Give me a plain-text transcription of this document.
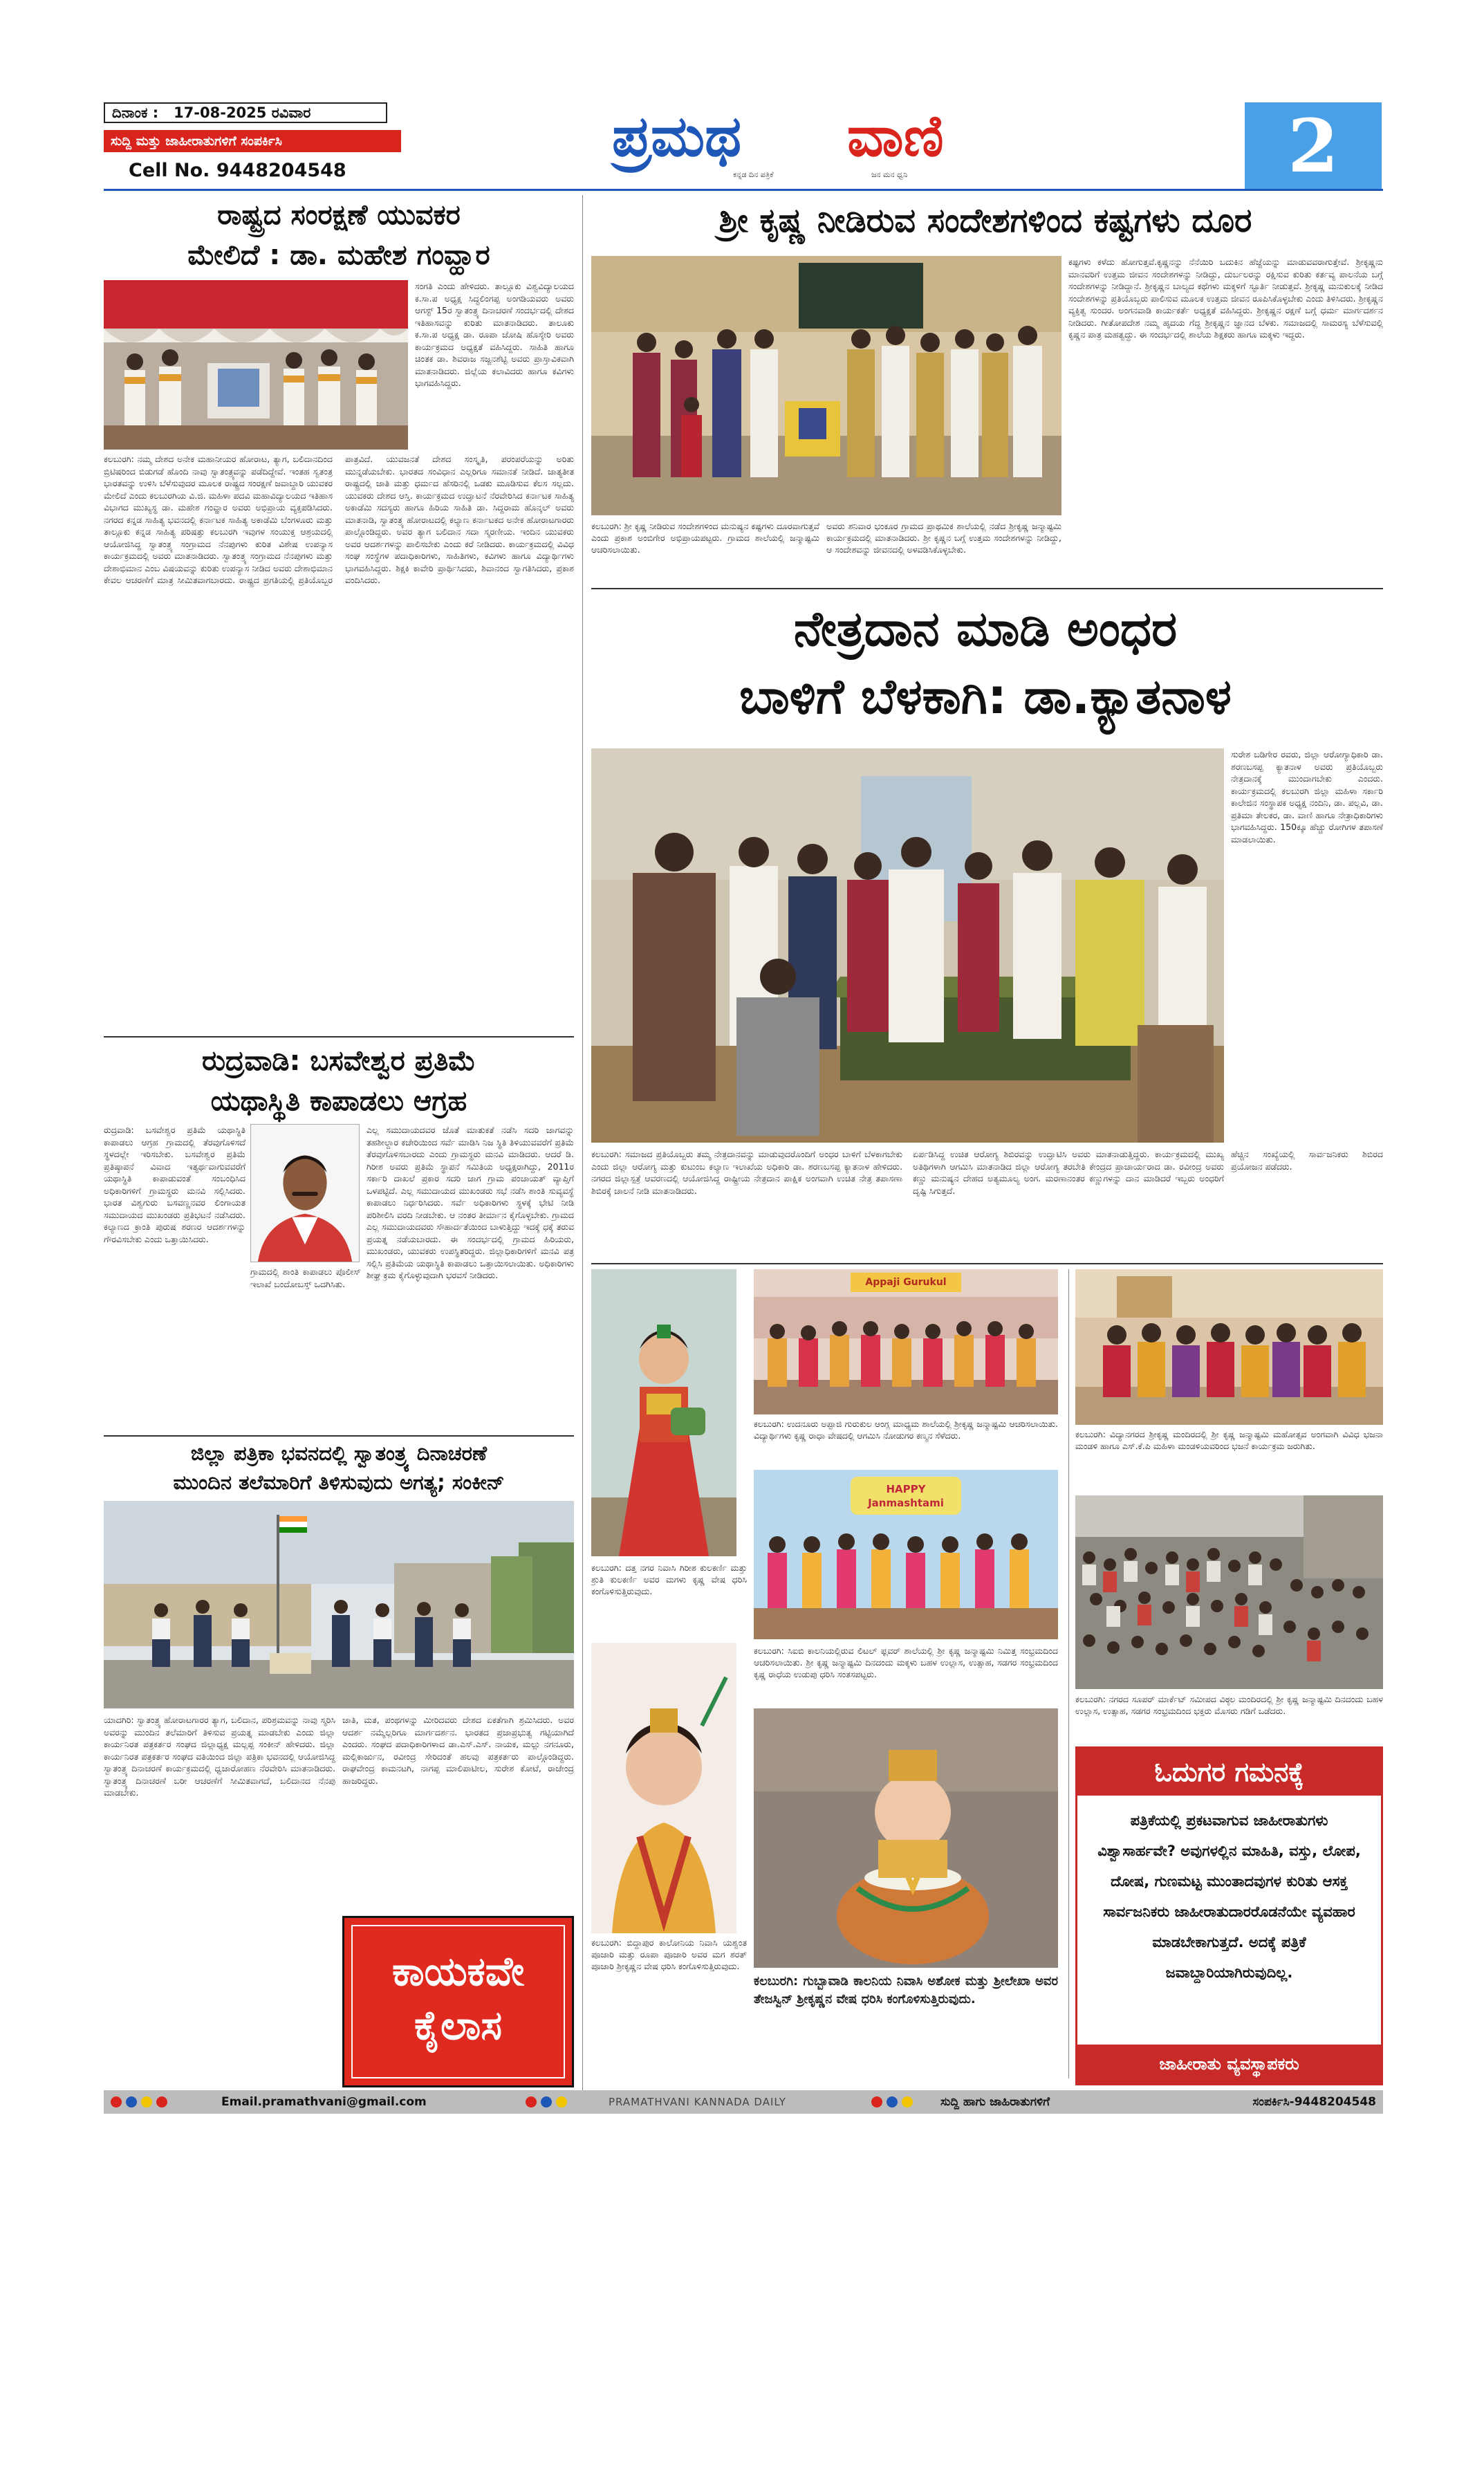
ದಿನಾಂಕ : 17-08-2025 ರವಿವಾರ
ಸುದ್ದಿ ಮತ್ತು ಜಾಹೀರಾತುಗಳಿಗೆ ಸಂಪರ್ಕಿಸಿ
Cell No. 9448204548
ಪ್ರಮಥ ವಾಣಿ
ಕನ್ನಡ ದಿನ ಪತ್ರಿಕೆ	ಜನ ಮನ ಧ್ವನಿ	2
ರಾಷ್ಟ್ರದ ಸಂರಕ್ಷಣೆ ಯುವಕರ
ಮೇಲಿದೆ : ಡಾ. ಮಹೇಶ ಗಂವ್ಹಾರ
ಸಂಗತಿ ಎಂದು ಹೇಳಿದರು. ತಾಲ್ಲೂಕು ವಿಶ್ವವಿದ್ಯಾಲಯದ ಕ.ಸಾ.ಪ ಅಧ್ಯಕ್ಷ ಸಿದ್ಧಲಿಂಗಪ್ಪ ಅಂಗಡಿಯವರು ಅವರು ಆಗಸ್ಟ್ 15ರ ಸ್ವಾತಂತ್ರ್ಯ ದಿನಾಚರಣೆ ಸಂದರ್ಭದಲ್ಲಿ ದೇಶದ ಇತಿಹಾಸವನ್ನು ಕುರಿತು ಮಾತನಾಡಿದರು. ತಾಲೂಕು ಕ.ಸಾ.ಪ ಅಧ್ಯಕ್ಷ ಡಾ. ರೂಪಾ ಜೋಷಿ ಹೊಸ್ಕೇರಿ ಅವರು ಕಾರ್ಯಕ್ರಮದ ಅಧ್ಯಕ್ಷತೆ ವಹಿಸಿದ್ದರು. ಸಾಹಿತಿ ಹಾಗೂ ಚಿಂತಕ ಡಾ. ಶಿವರಾಜ ಸಜ್ಜನಶೆಟ್ಟಿ ಅವರು ಪ್ರಾಸ್ತಾವಿಕವಾಗಿ ಮಾತನಾಡಿದರು. ಜಿಲ್ಲೆಯ ಕಲಾವಿದರು ಹಾಗೂ ಕವಿಗಳು ಭಾಗವಹಿಸಿದ್ದರು.
ಕಲಬುರಗಿ: ನಮ್ಮ ದೇಶದ ಅನೇಕ ಮಹಾನೀಯರ ಹೋರಾಟ, ತ್ಯಾಗ, ಬಲಿದಾನದಿಂದ ಬ್ರಿಟಿಷರಿಂದ ಬಿಡುಗಡೆ ಹೊಂದಿ ನಾವು ಸ್ವಾತಂತ್ರ್ಯವನ್ನು ಪಡೆದಿದ್ದೇವೆ. ಇಂತಹ ಸ್ವತಂತ್ರ ಭಾರತವನ್ನು ಉಳಿಸಿ ಬೆಳೆಸುವುದರ ಮೂಲಕ ರಾಷ್ಟ್ರದ ಸಂರಕ್ಷಣೆ ಜವಾಬ್ದಾರಿ ಯುವಕರ ಮೇಲಿದೆ ಎಂದು ಕಲಬುರಗಿಯ ವಿ.ಜಿ. ಮಹಿಳಾ ಪದವಿ ಮಹಾವಿದ್ಯಾಲಯದ ಇತಿಹಾಸ ವಿಭಾಗದ ಮುಖ್ಯಸ್ಥ ಡಾ. ಮಹೇಶ ಗಂವ್ಹಾರ ಅವರು ಅಭಿಪ್ರಾಯ ವ್ಯಕ್ತಪಡಿಸಿದರು. ನಗರದ ಕನ್ನಡ ಸಾಹಿತ್ಯ ಭವನದಲ್ಲಿ ಕರ್ನಾಟಕ ಸಾಹಿತ್ಯ ಅಕಾಡೆಮಿ ಬೆಂಗಳೂರು ಮತ್ತು ತಾಲ್ಲೂಕು ಕನ್ನಡ ಸಾಹಿತ್ಯ ಪರಿಷತ್ತು ಕಲಬುರಗಿ ಇವುಗಳ ಸಂಯುಕ್ತ ಆಶ್ರಯದಲ್ಲಿ ಆಯೋಜಿಸಿದ್ದ ಸ್ವಾತಂತ್ರ್ಯ ಸಂಗ್ರಾಮದ ನೆನಪುಗಳು ಕುರಿತ ವಿಶೇಷ ಉಪನ್ಯಾಸ ಕಾರ್ಯಕ್ರಮದಲ್ಲಿ ಅವರು ಮಾತನಾಡಿದರು. ಸ್ವಾತಂತ್ರ್ಯ ಸಂಗ್ರಾಮದ ನೆನಪುಗಳು ಮತ್ತು ದೇಶಾಭಿಮಾನ ಎಂಬ ವಿಷಯವನ್ನು ಕುರಿತು ಉಪನ್ಯಾಸ ನೀಡಿದ ಅವರು ದೇಶಾಭಿಮಾನ ಕೇವಲ ಆಚರಣೆಗೆ ಮಾತ್ರ ಸೀಮಿತವಾಗಬಾರದು. ರಾಷ್ಟ್ರದ ಪ್ರಗತಿಯಲ್ಲಿ ಪ್ರತಿಯೊಬ್ಬರ ಪಾತ್ರವಿದೆ. ಯುವಜನತೆ ದೇಶದ ಸಂಸ್ಕೃತಿ, ಪರಂಪರೆಯನ್ನು ಅರಿತು ಮುನ್ನಡೆಯಬೇಕು. ಭಾರತದ ಸಂವಿಧಾನ ಎಲ್ಲರಿಗೂ ಸಮಾನತೆ ನೀಡಿದೆ. ಜಾತ್ಯತೀತ ರಾಷ್ಟ್ರದಲ್ಲಿ ಜಾತಿ ಮತ್ತು ಧರ್ಮದ ಹೆಸರಿನಲ್ಲಿ ಒಡಕು ಮೂಡಿಸುವ ಕೆಲಸ ಸಲ್ಲದು. ಯುವಕರು ದೇಶದ ಆಸ್ತಿ. ಕಾರ್ಯಕ್ರಮದ ಉದ್ಘಾಟನೆ ನೆರವೇರಿಸಿದ ಕರ್ನಾಟಕ ಸಾಹಿತ್ಯ ಅಕಾಡೆಮಿ ಸದಸ್ಯರು ಹಾಗೂ ಹಿರಿಯ ಸಾಹಿತಿ ಡಾ. ಸಿದ್ದರಾಮ ಹೊನ್ಕಲ್ ಅವರು ಮಾತನಾಡಿ, ಸ್ವಾತಂತ್ರ್ಯ ಹೋರಾಟದಲ್ಲಿ ಕಲ್ಯಾಣ ಕರ್ನಾಟಕದ ಅನೇಕ ಹೋರಾಟಗಾರರು ಪಾಲ್ಗೊಂಡಿದ್ದರು. ಅವರ ತ್ಯಾಗ ಬಲಿದಾನ ಸದಾ ಸ್ಮರಣೀಯ. ಇಂದಿನ ಯುವಕರು ಅವರ ಆದರ್ಶಗಳನ್ನು ಪಾಲಿಸಬೇಕು ಎಂದು ಕರೆ ನೀಡಿದರು. ಕಾರ್ಯಕ್ರಮದಲ್ಲಿ ವಿವಿಧ ಸಂಘ ಸಂಸ್ಥೆಗಳ ಪದಾಧಿಕಾರಿಗಳು, ಸಾಹಿತಿಗಳು, ಕವಿಗಳು ಹಾಗೂ ವಿದ್ಯಾರ್ಥಿಗಳು ಭಾಗವಹಿಸಿದ್ದರು. ಶಿಕ್ಷಕಿ ಕಾವೇರಿ ಪ್ರಾರ್ಥಿಸಿದರು, ಶಿವಾನಂದ ಸ್ವಾಗತಿಸಿದರು, ಪ್ರಕಾಶ ವಂದಿಸಿದರು.
ರುದ್ರವಾಡಿ: ಬಸವೇಶ್ವರ ಪ್ರತಿಮೆ
ಯಥಾಸ್ಥಿತಿ ಕಾಪಾಡಲು ಆಗ್ರಹ
ರುದ್ರವಾಡಿ: ಬಸವೇಶ್ವರ ಪ್ರತಿಮೆ ಯಥಾಸ್ಥಿತಿ ಕಾಪಾಡಲು ಆಗ್ರಹ ಗ್ರಾಮದಲ್ಲಿ ತೆರವುಗೊಳಿಸದೆ ಸ್ಥಳದಲ್ಲೇ ಇರಿಸಬೇಕು. ಬಸವೇಶ್ವರ ಪ್ರತಿಮೆ ಪ್ರತಿಷ್ಠಾಪನೆ ವಿವಾದ ಇತ್ಯರ್ಥವಾಗುವವರೆಗೆ ಯಥಾಸ್ಥಿತಿ ಕಾಪಾಡುವಂತೆ ಸಂಬಂಧಿಸಿದ ಅಧಿಕಾರಿಗಳಿಗೆ ಗ್ರಾಮಸ್ಥರು ಮನವಿ ಸಲ್ಲಿಸಿದರು. ಭಾರತ ವಿಶ್ವಗುರು ಬಸವಣ್ಣನವರ ಲಿಂಗಾಯತ ಸಮುದಾಯದ ಮುಖಂಡರು ಪ್ರತಿಭಟನೆ ನಡೆಸಿದರು. ಕಲ್ಯಾಣದ ಕ್ರಾಂತಿ ಪುರುಷ ಶರಣರ ಆದರ್ಶಗಳನ್ನು ಗೌರವಿಸಬೇಕು ಎಂದು ಒತ್ತಾಯಿಸಿದರು.
ಎಲ್ಲ ಸಮುದಾಯದವರ ಜೊತೆ ಮಾತುಕತೆ ನಡೆಸಿ ಸದರಿ ಜಾಗವನ್ನು ತಹಶೀಲ್ದಾರ ಕಚೇರಿಯಿಂದ ಸರ್ವೆ ಮಾಡಿಸಿ ನಿಜ ಸ್ಥಿತಿ ತಿಳಿಯುವವರೆಗೆ ಪ್ರತಿಮೆ ತೆರವುಗೊಳಿಸಬಾರದು ಎಂದು ಗ್ರಾಮಸ್ಥರು ಮನವಿ ಮಾಡಿದರು. ಆದರೆ ಡಿ. ಗಿರೀಶ ಅವರು ಪ್ರತಿಮೆ ಸ್ಥಾಪನೆ ಸಮಿತಿಯ ಅಧ್ಯಕ್ಷರಾಗಿದ್ದು, 2011ರ ಸರ್ಕಾರಿ ದಾಖಲೆ ಪ್ರಕಾರ ಸದರಿ ಜಾಗ ಗ್ರಾಮ ಪಂಚಾಯತ್ ವ್ಯಾಪ್ತಿಗೆ ಒಳಪಟ್ಟಿದೆ. ಎಲ್ಲ ಸಮುದಾಯದ ಮುಖಂಡರು ಸಭೆ ನಡೆಸಿ ಶಾಂತಿ ಸುವ್ಯವಸ್ಥೆ ಕಾಪಾಡಲು ನಿರ್ಧರಿಸಿದರು. ಸರ್ವೆ ಅಧಿಕಾರಿಗಳು ಸ್ಥಳಕ್ಕೆ ಭೇಟಿ ನೀಡಿ ಪರಿಶೀಲಿಸಿ ವರದಿ ನೀಡಬೇಕು. ಆ ನಂತರ ತೀರ್ಮಾನ ಕೈಗೊಳ್ಳಬೇಕು. ಗ್ರಾಮದ ಎಲ್ಲ ಸಮುದಾಯದವರು ಸೌಹಾರ್ದತೆಯಿಂದ ಬಾಳುತ್ತಿದ್ದು ಇದಕ್ಕೆ ಧಕ್ಕೆ ತರುವ ಪ್ರಯತ್ನ ನಡೆಯಬಾರದು. ಈ ಸಂದರ್ಭದಲ್ಲಿ ಗ್ರಾಮದ ಹಿರಿಯರು, ಮುಖಂಡರು, ಯುವಕರು ಉಪಸ್ಥಿತರಿದ್ದರು. ಜಿಲ್ಲಾಧಿಕಾರಿಗಳಿಗೆ ಮನವಿ ಪತ್ರ ಸಲ್ಲಿಸಿ ಪ್ರತಿಮೆಯ ಯಥಾಸ್ಥಿತಿ ಕಾಪಾಡಲು ಒತ್ತಾಯಿಸಲಾಯಿತು. ಅಧಿಕಾರಿಗಳು ಶೀಘ್ರ ಕ್ರಮ ಕೈಗೊಳ್ಳುವುದಾಗಿ ಭರವಸೆ ನೀಡಿದರು.
ಗ್ರಾಮದಲ್ಲಿ ಶಾಂತಿ ಕಾಪಾಡಲು ಪೊಲೀಸ್ ಇಲಾಖೆ ಬಂದೋಬಸ್ತ್ ಒದಗಿಸಿತು.
ಜಿಲ್ಲಾ ಪತ್ರಿಕಾ ಭವನದಲ್ಲಿ ಸ್ವಾತಂತ್ರ್ಯ ದಿನಾಚರಣೆ
ಮುಂದಿನ ತಲೆಮಾರಿಗೆ ತಿಳಿಸುವುದು ಅಗತ್ಯ; ಸಂಕೀನ್
ಯಾದಗಿರಿ: ಸ್ವಾತಂತ್ರ್ಯ ಹೋರಾಟಗಾರರ ತ್ಯಾಗ, ಬಲಿದಾನ, ಪರಿಶ್ರಮವನ್ನು ನಾವು ಸ್ಮರಿಸಿ ಅವರನ್ನು ಮುಂದಿನ ತಲೆಮಾರಿಗೆ ತಿಳಿಸುವ ಪ್ರಯತ್ನ ಮಾಡಬೇಕು ಎಂದು ಜಿಲ್ಲಾ ಕಾರ್ಯನಿರತ ಪತ್ರಕರ್ತರ ಸಂಘದ ಜಿಲ್ಲಾಧ್ಯಕ್ಷ ಮಲ್ಲಪ್ಪ ಸಂಕೀನ್ ಹೇಳಿದರು. ಜಿಲ್ಲಾ ಕಾರ್ಯನಿರತ ಪತ್ರಕರ್ತರ ಸಂಘದ ವತಿಯಿಂದ ಜಿಲ್ಲಾ ಪತ್ರಿಕಾ ಭವನದಲ್ಲಿ ಆಯೋಜಿಸಿದ್ದ ಸ್ವಾತಂತ್ರ್ಯ ದಿನಾಚರಣೆ ಕಾರ್ಯಕ್ರಮದಲ್ಲಿ ಧ್ವಜಾರೋಹಣ ನೆರವೇರಿಸಿ ಮಾತನಾಡಿದರು. ಸ್ವಾತಂತ್ರ್ಯ ದಿನಾಚರಣೆ ಬರೀ ಆಚರಣೆಗೆ ಸೀಮಿತವಾಗದೆ, ಬಲಿದಾನದ ನೆನಪು ಮಾಡಬೇಕು.
ಜಾತಿ, ಮತ, ಪಂಥಗಳನ್ನು ಮೀರಿದವರು ದೇಶದ ಏಕತೆಗಾಗಿ ಶ್ರಮಿಸಿದರು. ಅವರ ಆದರ್ಶ ನಮ್ಮೆಲ್ಲರಿಗೂ ಮಾರ್ಗದರ್ಶನ. ಭಾರತದ ಪ್ರಜಾಪ್ರಭುತ್ವ ಗಟ್ಟಿಯಾಗಿದೆ ಎಂದರು. ಸಂಘದ ಪದಾಧಿಕಾರಿಗಳಾದ ಡಾ.ಎಸ್.ಎಸ್. ನಾಯಕ, ಮಲ್ಲು ನಗನೂರು, ಮಲ್ಲಿಕಾರ್ಜುನ, ರವೀಂದ್ರ ಸೇರಿದಂತೆ ಹಲವು ಪತ್ರಕರ್ತರು ಪಾಲ್ಗೊಂಡಿದ್ದರು. ರಾಘವೇಂದ್ರ ಕಾಮನಟಗಿ, ನಾಗಪ್ಪ ಮಾಲಿಪಾಟೀಲ, ಸುರೇಶ ಕೋಟೆ, ರಾಜೇಂದ್ರ ಹಾಜರಿದ್ದರು.
ಕಾಯಕವೇ
ಕೈಲಾಸ
ಶ್ರೀ ಕೃಷ್ಣ ನೀಡಿರುವ ಸಂದೇಶಗಳಿಂದ ಕಷ್ಟಗಳು ದೂರ
ಕಲಬುರಗಿ: ಶ್ರೀ ಕೃಷ್ಣ ನೀಡಿರುವ ಸಂದೇಶಗಳಿಂದ ಮನುಷ್ಯನ ಕಷ್ಟಗಳು ದೂರವಾಗುತ್ತವೆ ಎಂದು ಪ್ರಕಾಶ ಅಂಬಿಗೇರ ಅಭಿಪ್ರಾಯಪಟ್ಟರು. ಗ್ರಾಮದ ಶಾಲೆಯಲ್ಲಿ ಜನ್ಮಾಷ್ಟಮಿ ಆಚರಿಸಲಾಯಿತು.
ಅವರು ಶನಿವಾರ ಭಂಕೂರ ಗ್ರಾಮದ ಪ್ರಾಥಮಿಕ ಶಾಲೆಯಲ್ಲಿ ನಡೆದ ಶ್ರೀಕೃಷ್ಣ ಜನ್ಮಾಷ್ಟಮಿ ಕಾರ್ಯಕ್ರಮದಲ್ಲಿ ಮಾತನಾಡಿದರು. ಶ್ರೀ ಕೃಷ್ಣನ ಬಗ್ಗೆ ಉತ್ತಮ ಸಂದೇಶಗಳನ್ನು ನೀಡಿದ್ದು, ಆ ಸಂದೇಶವನ್ನು ಜೀವನದಲ್ಲಿ ಅಳವಡಿಸಿಕೊಳ್ಳಬೇಕು.
ನೇತ್ರದಾನ ಮಾಡಿ ಅಂಧರ
ಬಾಳಿಗೆ ಬೆಳಕಾಗಿ: ಡಾ.ಕ್ಯಾತನಾಳ
ಸುರೇಶ ಬಡಿಗೇರ ರವರು, ಜಿಲ್ಲಾ ಆರೋಗ್ಯಾಧಿಕಾರಿ ಡಾ. ಶರಣಬಸಪ್ಪ ಕ್ಯಾತನಾಳ ಅವರು ಪ್ರತಿಯೊಬ್ಬರು ನೇತ್ರದಾನಕ್ಕೆ ಮುಂದಾಗಬೇಕು ಎಂದರು. ಕಾರ್ಯಕ್ರಮದಲ್ಲಿ ಕಲಬುರಗಿ ಜಿಲ್ಲಾ ಮಹಿಳಾ ಸರ್ಕಾರಿ ಕಾಲೇಜಿನ ಸಂಸ್ಥಾಪಕ ಅಧ್ಯಕ್ಷ ನಂದಿನಿ, ಡಾ. ಪಲ್ಲವಿ, ಡಾ. ಪ್ರತಿಮಾ ತೇಲಕರ, ಡಾ. ವಾಣಿ ಹಾಗೂ ನೇತ್ರಾಧಿಕಾರಿಗಳು ಭಾಗವಹಿಸಿದ್ದರು. 150ಕ್ಕೂ ಹೆಚ್ಚು ರೋಗಿಗಳ ತಪಾಸಣೆ ಮಾಡಲಾಯಿತು.
ಕಲಬುರಗಿ: ಸಮಾಜದ ಪ್ರತಿಯೊಬ್ಬರು ತಮ್ಮ ನೇತ್ರದಾನವನ್ನು ಮಾಡುವುದರೊಂದಿಗೆ ಅಂಧರ ಬಾಳಿಗೆ ಬೆಳಕಾಗಬೇಕು ಎಂದು ಜಿಲ್ಲಾ ಆರೋಗ್ಯ ಮತ್ತು ಕುಟುಂಬ ಕಲ್ಯಾಣ ಇಲಾಖೆಯ ಅಧಿಕಾರಿ ಡಾ. ಶರಣಬಸಪ್ಪ ಕ್ಯಾತನಾಳ ಹೇಳಿದರು. ನಗರದ ಜಿಲ್ಲಾಸ್ಪತ್ರೆ ಆವರಣದಲ್ಲಿ ಆಯೋಜಿಸಿದ್ದ ರಾಷ್ಟ್ರೀಯ ನೇತ್ರದಾನ ಪಾಕ್ಷಿಕ ಅಂಗವಾಗಿ ಉಚಿತ ನೇತ್ರ ತಪಾಸಣಾ ಶಿಬಿರಕ್ಕೆ ಚಾಲನೆ ನೀಡಿ ಮಾತನಾಡಿದರು.
ಏರ್ಪಡಿಸಿದ್ದ ಉಚಿತ ಆರೋಗ್ಯ ಶಿಬಿರವನ್ನು ಉದ್ಘಾಟಿಸಿ ಅವರು ಮಾತನಾಡುತ್ತಿದ್ದರು. ಕಾರ್ಯಕ್ರಮದಲ್ಲಿ ಮುಖ್ಯ ಅತಿಥಿಗಳಾಗಿ ಆಗಮಿಸಿ ಮಾತನಾಡಿದ ಜಿಲ್ಲಾ ಆರೋಗ್ಯ ತರಬೇತಿ ಕೇಂದ್ರದ ಪ್ರಾಚಾರ್ಯರಾದ ಡಾ. ರವೀಂದ್ರ ಅವರು ಕಣ್ಣು ಮನುಷ್ಯನ ದೇಹದ ಅತ್ಯಮೂಲ್ಯ ಅಂಗ. ಮರಣಾನಂತರ ಕಣ್ಣುಗಳನ್ನು ದಾನ ಮಾಡಿದರೆ ಇಬ್ಬರು ಅಂಧರಿಗೆ ದೃಷ್ಟಿ ಸಿಗುತ್ತದೆ.
ಹೆಚ್ಚಿನ ಸಂಖ್ಯೆಯಲ್ಲಿ ಸಾರ್ವಜನಿಕರು ಶಿಬಿರದ ಪ್ರಯೋಜನ ಪಡೆದರು.
Appaji Gurukul
ಕಲಬುರಗಿ: ಉದನೂರು ಅಪ್ಪಾಜಿ ಗುರುಕುಲ ಆಂಗ್ಲ ಮಾಧ್ಯಮ ಶಾಲೆಯಲ್ಲಿ ಶ್ರೀಕೃಷ್ಣ ಜನ್ಮಾಷ್ಟಮಿ ಆಚರಿಸಲಾಯಿತು. ವಿದ್ಯಾರ್ಥಿಗಳು ಕೃಷ್ಣ ರಾಧಾ ವೇಷದಲ್ಲಿ ಆಗಮಿಸಿ ನೋಡುಗರ ಕಣ್ಮನ ಸೆಳೆದರು.
HAPPY Janmashtami
ಕಲಬುರಗಿ: ದತ್ತ ನಗರ ನಿವಾಸಿ ಗಿರೀಶ ಕುಲಕರ್ಣಿ ಮತ್ತು ಶ್ರುತಿ ಕುಲಕರ್ಣಿ ಅವರ ಮಗಳು ಕೃಷ್ಣ ವೇಷ ಧರಿಸಿ ಕಂಗೊಳಿಸುತ್ತಿರುವುದು.
ಕಲಬುರಗಿ: ಸಿಐಬಿ ಕಾಲನಿಯಲ್ಲಿರುವ ಲಿಟಲ್ ಫ್ಲವರ್ ಶಾಲೆಯಲ್ಲಿ ಶ್ರೀ ಕೃಷ್ಣ ಜನ್ಮಾಷ್ಟಮಿ ನಿಮಿತ್ತ ಸಂಭ್ರಮದಿಂದ ಆಚರಿಸಲಾಯಿತು. ಶ್ರೀ ಕೃಷ್ಣ ಜನ್ಮಾಷ್ಟಮಿ ದಿನದಂದು ಮಕ್ಕಳು ಬಹಳ ಉಲ್ಲಾಸ, ಉತ್ಸಾಹ, ಸಡಗರ ಸಂಭ್ರಮದಿಂದ ಕೃಷ್ಣ ರಾಧೆಯ ಉಡುಪು ಧರಿಸಿ ಸಂತಸಪಟ್ಟರು.
ಕಲಬುರಗಿ: ಬಿದ್ದಾಪುರ ಕಾಲೋನಿಯ ನಿವಾಸಿ ಯಶ್ವಂತ ಪೂಜಾರಿ ಮತ್ತು ರೂಪಾ ಪೂಜಾರಿ ಅವರ ಮಗ ಶರತ್ ಪೂಜಾರಿ ಶ್ರೀಕೃಷ್ಣನ ವೇಷ ಧರಿಸಿ ಕಂಗೊಳಿಸುತ್ತಿರುವುದು.
ಕಲಬುರಗಿ: ಗುಬ್ಬಾವಾಡಿ ಕಾಲನಿಯ ನಿವಾಸಿ ಅಶೋಕ ಮತ್ತು ಶ್ರೀಲೇಖಾ ಅವರ ತೇಜಸ್ವಿನ್ ಶ್ರೀಕೃಷ್ಣನ ವೇಷ ಧರಿಸಿ ಕಂಗೊಳಿಸುತ್ತಿರುವುದು.
ಕಷ್ಟಗಳು ಕಳೆದು ಹೋಗುತ್ತವೆ.ಕೃಷ್ಣನನ್ನು ನೆನೆಯಿರಿ ಬದುಕಿನ ಹೆಜ್ಜೆಯನ್ನು ಮಾಡುವವರಾಗುತ್ತೇವೆ. ಶ್ರೀಕೃಷ್ಣನು ಮಾನವರಿಗೆ ಉತ್ತಮ ಜೀವನ ಸಂದೇಶಗಳನ್ನು ನೀಡಿದ್ದು, ದುರ್ಬಲರನ್ನು ರಕ್ಷಿಸುವ ಕುರಿತು ಕರ್ತವ್ಯ ಪಾಲನೆಯ ಬಗ್ಗೆ ಸಂದೇಶಗಳನ್ನು ನೀಡಿದ್ದಾನೆ. ಶ್ರೀಕೃಷ್ಣನ ಬಾಲ್ಯದ ಕಥೆಗಳು ಮಕ್ಕಳಿಗೆ ಸ್ಫೂರ್ತಿ ನೀಡುತ್ತವೆ. ಶ್ರೀಕೃಷ್ಣ ಮನುಕುಲಕ್ಕೆ ನೀಡಿದ ಸಂದೇಶಗಳನ್ನು ಪ್ರತಿಯೊಬ್ಬರು ಪಾಲಿಸುವ ಮೂಲಕ ಉತ್ತಮ ಜೀವನ ರೂಪಿಸಿಕೊಳ್ಳಬೇಕು ಎಂದು ತಿಳಿಸಿದರು. ಶ್ರೀಕೃಷ್ಣನ ವ್ಯಕ್ತಿತ್ವ ಸುಂದರ. ಅಂಗನವಾಡಿ ಕಾರ್ಯಕರ್ತೆ ಅಧ್ಯಕ್ಷತೆ ವಹಿಸಿದ್ದರು. ಶ್ರೀಕೃಷ್ಣನ ರಕ್ಷಣೆ ಬಗ್ಗೆ ಧರ್ಮ ಮಾರ್ಗದರ್ಶನ ನೀಡಿದರು. ಗೀತೋಪದೇಶ ನಮ್ಮ ಹೃದಯ ಗೆದ್ದ ಶ್ರೀಕೃಷ್ಣನ ಜ್ಞಾನದ ಬೆಳಕು. ಸಮಾಜದಲ್ಲಿ ಸಾಮರಸ್ಯ ಬೆಳೆಸುವಲ್ಲಿ ಕೃಷ್ಣನ ಪಾತ್ರ ಮಹತ್ವದ್ದು. ಈ ಸಂದರ್ಭದಲ್ಲಿ ಶಾಲೆಯ ಶಿಕ್ಷಕರು ಹಾಗೂ ಮಕ್ಕಳು ಇದ್ದರು.
ಕಲಬುರಗಿ: ವಿದ್ಯಾನಗರದ ಶ್ರೀಕೃಷ್ಣ ಮಂದಿರದಲ್ಲಿ ಶ್ರೀ ಕೃಷ್ಣ ಜನ್ಮಾಷ್ಟಮಿ ಮಹೋತ್ಸವ ಅಂಗವಾಗಿ ವಿವಿಧ ಭಜನಾ ಮಂಡಳಿ ಹಾಗೂ ಎಸ್.ಕೆ.ಪಿ ಮಹಿಳಾ ಮಂಡಳಿಯವರಿಂದ ಭಜನೆ ಕಾರ್ಯಕ್ರಮ ಜರುಗಿತು.
ಕಲಬುರಗಿ: ನಗರದ ಸೂಪರ್ ಮಾರ್ಕೆಟ್ ಸಮೀಪದ ವಿಠ್ಠಲ ಮಂದಿರದಲ್ಲಿ ಶ್ರೀ ಕೃಷ್ಣ ಜನ್ಮಾಷ್ಟಮಿ ದಿನದಂದು ಬಹಳ ಉಲ್ಲಾಸ, ಉತ್ಸಾಹ, ಸಡಗರ ಸಂಭ್ರಮದಿಂದ ಭಕ್ತರು ಮೊಸರು ಗಡಿಗೆ ಒಡೆದರು.
ಓದುಗರ ಗಮನಕ್ಕೆ
ಪತ್ರಿಕೆಯಲ್ಲಿ ಪ್ರಕಟವಾಗುವ ಜಾಹೀರಾತುಗಳು ವಿಶ್ವಾಸಾರ್ಹವೇ? ಅವುಗಳಲ್ಲಿನ ಮಾಹಿತಿ, ವಸ್ತು, ಲೋಪ, ದೋಷ, ಗುಣಮಟ್ಟ ಮುಂತಾದವುಗಳ ಕುರಿತು ಆಸಕ್ತ ಸಾರ್ವಜನಿಕರು ಜಾಹೀರಾತುದಾರರೊಡನೆಯೇ ವ್ಯವಹಾರ ಮಾಡಬೇಕಾಗುತ್ತದೆ. ಅದಕ್ಕೆ ಪತ್ರಿಕೆ ಜವಾಬ್ದಾರಿಯಾಗಿರುವುದಿಲ್ಲ.
ಜಾಹೀರಾತು ವ್ಯವಸ್ಥಾಪಕರು
Email.pramathvani@gmail.com	PRAMATHVANI KANNADA DAILY	ಸುದ್ದಿ ಹಾಗು ಜಾಹಿರಾತುಗಳಿಗೆ	ಸಂಪರ್ಕಿಸಿ-9448204548
